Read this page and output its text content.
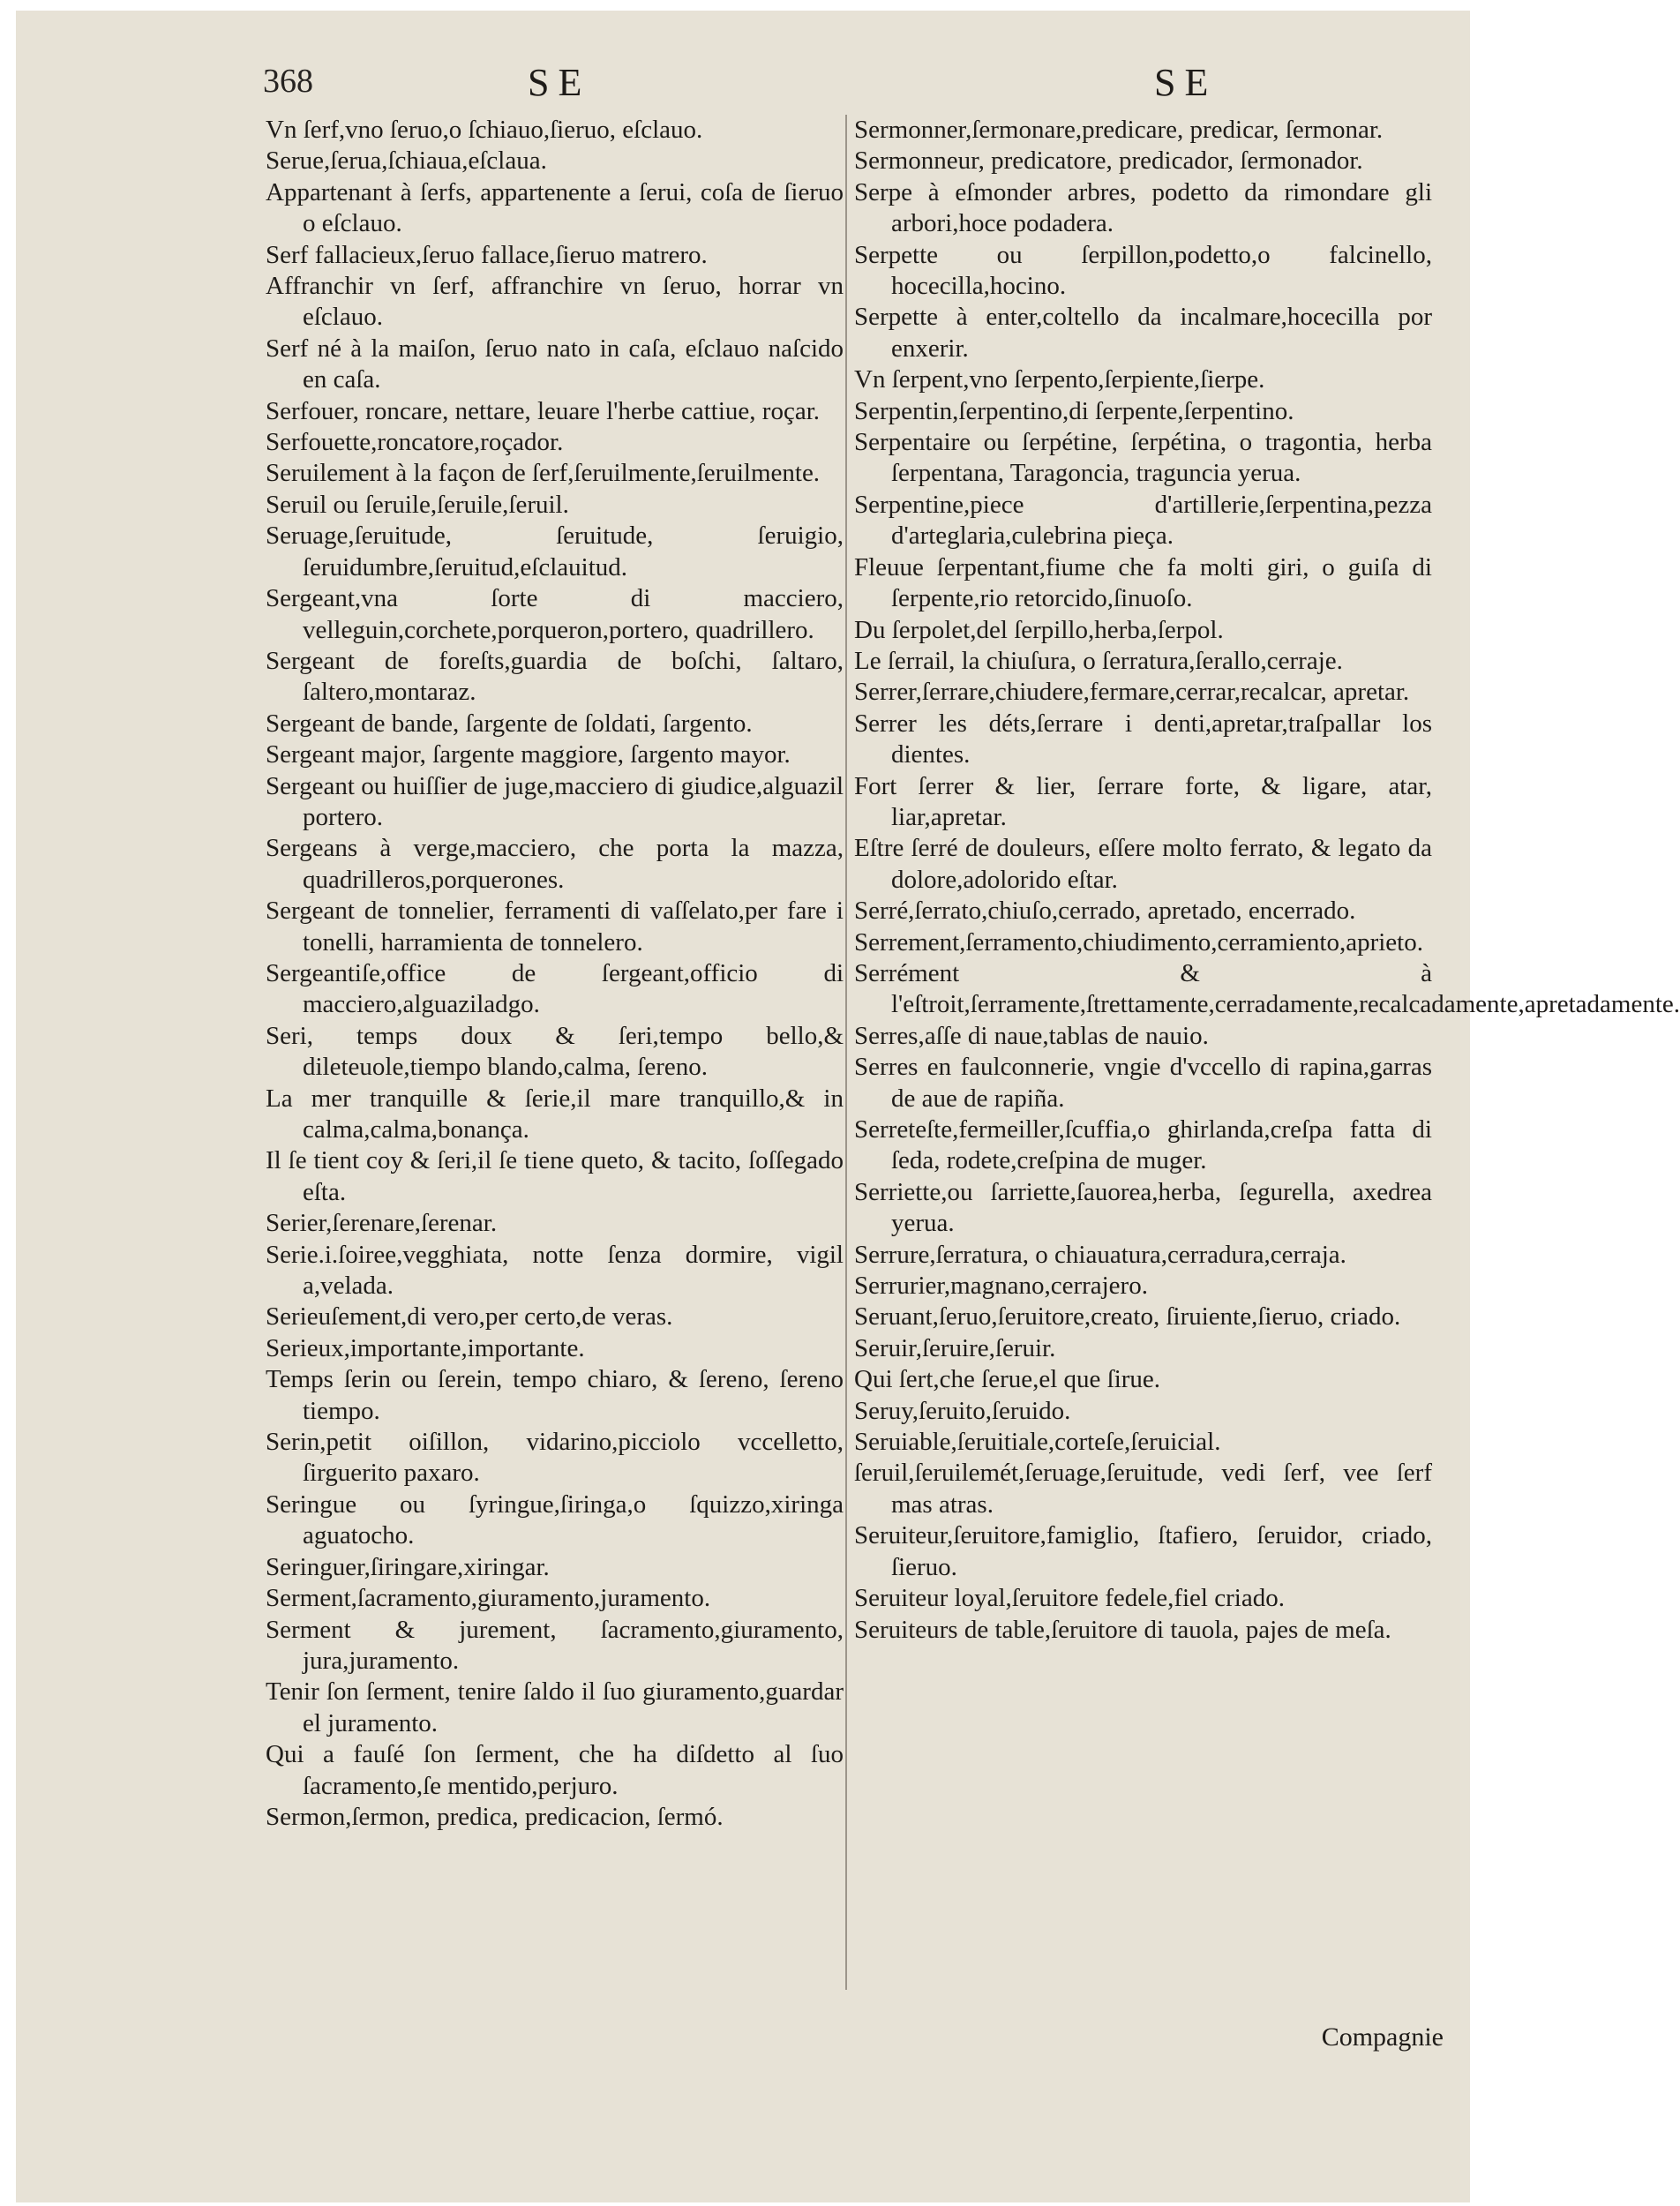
368	SE	SE
Vn ſerf,vno ſeruo,o ſchiauo,ſieruo, eſclauo.
Serue,ſerua,ſchiaua,eſclaua.
Appartenant à ſerfs, appartenente a ſerui, coſa de ſieruo o eſclauo.
Serf fallacieux,ſeruo fallace,ſieruo matrero.
Affranchir vn ſerf, affranchire vn ſeruo, horrar vn eſclauo.
Serf né à la maiſon, ſeruo nato in caſa, eſclauo naſcido en caſa.
Serfouer, roncare, nettare, leuare l'herbe cattiue, roçar.
Serfouette,roncatore,roçador.
Seruilement à la façon de ſerf,ſeruilmente,ſeruilmente.
Seruil ou ſeruile,ſeruile,ſeruil.
Seruage,ſeruitude, ſeruitude, ſeruigio, ſeruidumbre,ſeruitud,eſclauitud.
Sergeant,vna ſorte di macciero, velleguin,corchete,porqueron,portero, quadrillero.
Sergeant de foreſts,guardia de boſchi, ſaltaro, ſaltero,montaraz.
Sergeant de bande, ſargente de ſoldati, ſargento.
Sergeant major, ſargente maggiore, ſargento mayor.
Sergeant ou huiſſier de juge,macciero di giudice,alguazil portero.
Sergeans à verge,macciero, che porta la mazza, quadrilleros,porquerones.
Sergeant de tonnelier, ferramenti di vaſſelato,per fare i tonelli, harramienta de tonnelero.
Sergeantiſe,office de ſergeant,officio di macciero,alguaziladgo.
Seri, temps doux & ſeri,tempo bello,& dileteuole,tiempo blando,calma, ſereno.
La mer tranquille & ſerie,il mare tranquillo,& in calma,calma,bonança.
Il ſe tient coy & ſeri,il ſe tiene queto, & tacito, ſoſſegado eſta.
Serier,ſerenare,ſerenar.
Serie.i.ſoiree,vegghiata, notte ſenza dormire, vigil a,velada.
Serieuſement,di vero,per certo,de veras.
Serieux,importante,importante.
Temps ſerin ou ſerein, tempo chiaro, & ſereno, ſereno tiempo.
Serin,petit oiſillon, vidarino,picciolo vccelletto, ſirguerito paxaro.
Seringue ou ſyringue,ſiringa,o ſquizzo,xiringa aguatocho.
Seringuer,ſiringare,xiringar.
Serment,ſacramento,giuramento,juramento.
Serment & jurement, ſacramento,giuramento, jura,juramento.
Tenir ſon ſerment, tenire ſaldo il ſuo giuramento,guardar el juramento.
Qui a fauſé ſon ſerment, che ha diſdetto al ſuo ſacramento,ſe mentido,perjuro.
Sermon,ſermon, predica, predicacion, ſermó.
Sermonner,ſermonare,predicare, predicar, ſermonar.
Sermonneur, predicatore, predicador, ſermonador.
Serpe à eſmonder arbres, podetto da rimondare gli arbori,hoce podadera.
Serpette ou ſerpillon,podetto,o falcinello, hocecilla,hocino.
Serpette à enter,coltello da incalmare,hocecilla por enxerir.
Vn ſerpent,vno ſerpento,ſerpiente,ſierpe.
Serpentin,ſerpentino,di ſerpente,ſerpentino.
Serpentaire ou ſerpétine, ſerpétina, o tragontia, herba ſerpentana, Taragoncia, traguncia yerua.
Serpentine,piece d'artillerie,ſerpentina,pezza d'arteglaria,culebrina pieça.
Fleuue ſerpentant,fiume che fa molti giri, o guiſa di ſerpente,rio retorcido,ſinuoſo.
Du ſerpolet,del ſerpillo,herba,ſerpol.
Le ſerrail, la chiuſura, o ſerratura,ſerallo,cerraje.
Serrer,ſerrare,chiudere,fermare,cerrar,recalcar, apretar.
Serrer les déts,ſerrare i denti,apretar,traſpallar los dientes.
Fort ſerrer & lier, ſerrare forte, & ligare, atar, liar,apretar.
Eſtre ſerré de douleurs, eſſere molto ferrato, & legato da dolore,adolorido eſtar.
Serré,ſerrato,chiuſo,cerrado, apretado, encerrado.
Serrement,ſerramento,chiudimento,cerramiento,aprieto.
Serrément & à l'eſtroit,ſerramente,ſtrettamente,cerradamente,recalcadamente,apretadamente.
Serres,aſſe di naue,tablas de nauio.
Serres en faulconnerie, vngie d'vccello di rapina,garras de aue de rapiña.
Serreteſte,fermeiller,ſcuffia,o ghirlanda,creſpa fatta di ſeda, rodete,creſpina de muger.
Serriette,ou ſarriette,ſauorea,herba, ſegurella, axedrea yerua.
Serrure,ſerratura, o chiauatura,cerradura,cerraja.
Serrurier,magnano,cerrajero.
Seruant,ſeruo,ſeruitore,creato, ſiruiente,ſieruo, criado.
Seruir,ſeruire,ſeruir.
Qui ſert,che ſerue,el que ſirue.
Seruy,ſeruito,ſeruido.
Seruiable,ſeruitiale,corteſe,ſeruicial.
ſeruil,ſeruilemét,ſeruage,ſeruitude, vedi ſerf, vee ſerf mas atras.
Seruiteur,ſeruitore,famiglio, ſtafiero, ſeruidor, criado, ſieruo.
Seruiteur loyal,ſeruitore fedele,fiel criado.
Seruiteurs de table,ſeruitore di tauola, pajes de meſa.
Compagnie
